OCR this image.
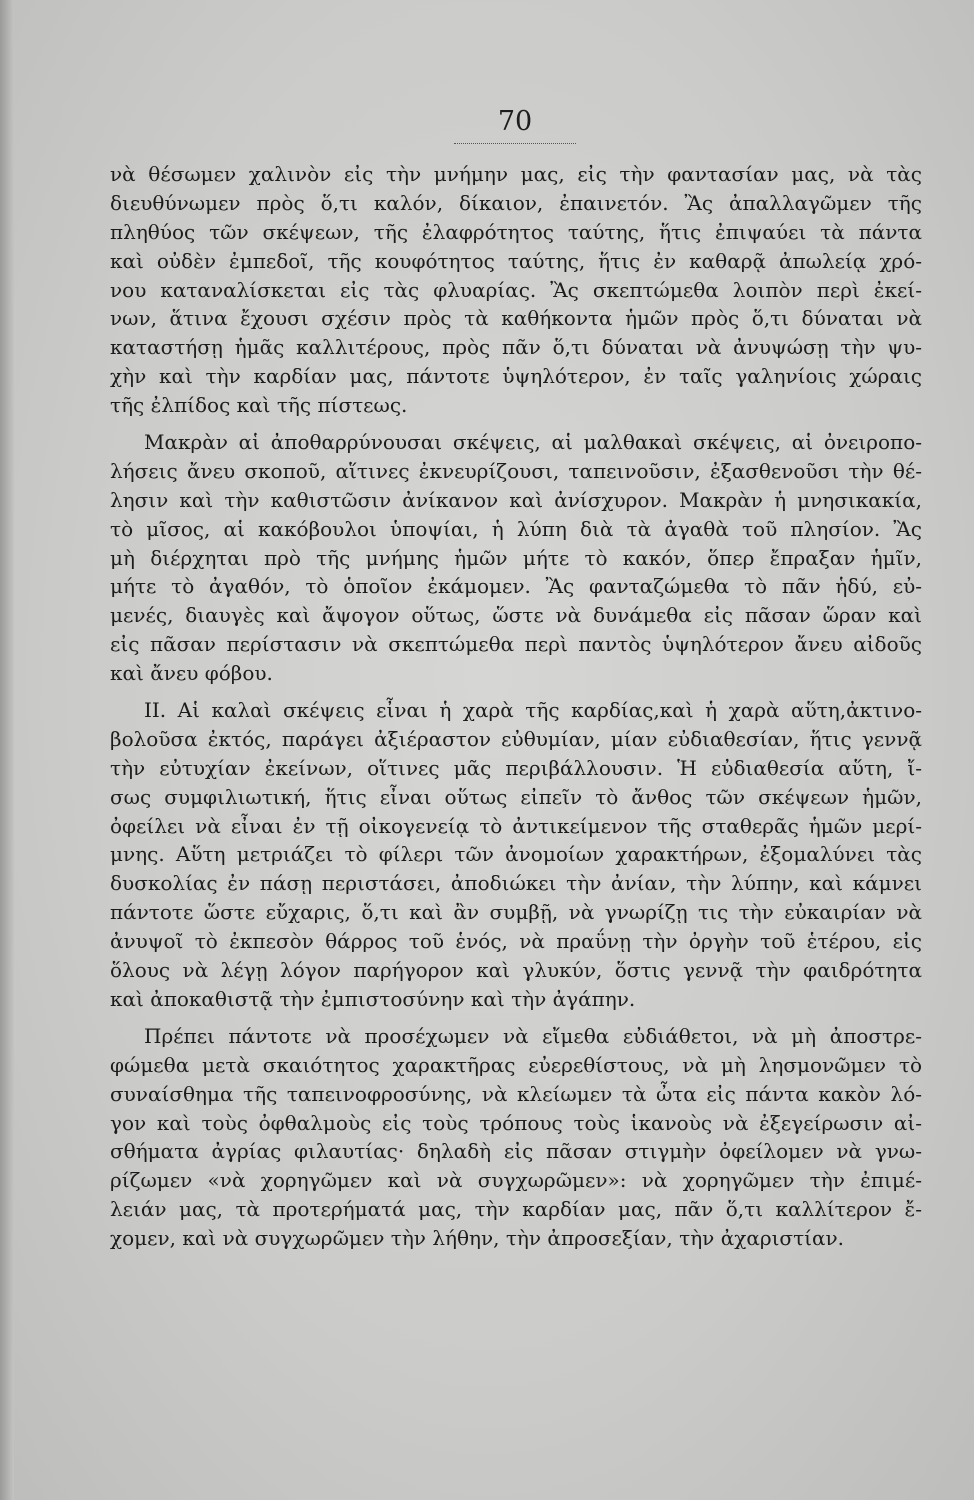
70
νὰ θέσωμεν χαλινὸν εἰς τὴν μνήμην μας, εἰς τὴν φαντασίαν μας, νὰ τὰς
διευθύνωμεν πρὸς ὅ,τι καλόν, δίκαιον, ἐπαινετόν. Ἂς ἀπαλλαγῶμεν τῆς
πληθύος τῶν σκέψεων, τῆς ἐλαφρότητος ταύτης, ἥτις ἐπιψαύει τὰ πάντα
καὶ οὐδὲν ἐμπεδοῖ, τῆς κουφότητος ταύτης, ἥτις ἐν καθαρᾷ ἀπωλείᾳ χρό-
νου καταναλίσκεται εἰς τὰς φλυαρίας. Ἂς σκεπτώμεθα λοιπὸν περὶ ἐκεί-
νων, ἅτινα ἔχουσι σχέσιν πρὸς τὰ καθήκοντα ἡμῶν πρὸς ὅ,τι δύναται νὰ
καταστήσῃ ἡμᾶς καλλιτέρους, πρὸς πᾶν ὅ,τι δύναται νὰ ἀνυψώσῃ τὴν ψυ-
χὴν καὶ τὴν καρδίαν μας, πάντοτε ὑψηλότερον, ἐν ταῖς γαληνίοις χώραις
τῆς ἐλπίδος καὶ τῆς πίστεως.
Μακρὰν αἱ ἀποθαρρύνουσαι σκέψεις, αἱ μαλθακαὶ σκέψεις, αἱ ὀνειροπο-
λήσεις ἄνευ σκοποῦ, αἵτινες ἐκνευρίζουσι, ταπεινοῦσιν, ἐξασθενοῦσι τὴν θέ-
λησιν καὶ τὴν καθιστῶσιν ἀνίκανον καὶ ἀνίσχυρον. Μακρὰν ἡ μνησικακία,
τὸ μῖσος, αἱ κακόβουλοι ὑποψίαι, ἡ λύπη διὰ τὰ ἀγαθὰ τοῦ πλησίον. Ἂς
μὴ διέρχηται πρὸ τῆς μνήμης ἡμῶν μήτε τὸ κακόν, ὅπερ ἔπραξαν ἡμῖν,
μήτε τὸ ἀγαθόν, τὸ ὁποῖον ἐκάμομεν. Ἂς φανταζώμεθα τὸ πᾶν ἡδύ, εὐ-
μενές, διαυγὲς καὶ ἄψογον οὕτως, ὥστε νὰ δυνάμεθα εἰς πᾶσαν ὥραν καὶ
εἰς πᾶσαν περίστασιν νὰ σκεπτώμεθα περὶ παντὸς ὑψηλότερον ἄνευ αἰδοῦς
καὶ ἄνευ φόβου.
II. Αἱ καλαὶ σκέψεις εἶναι ἡ χαρὰ τῆς καρδίας,καὶ ἡ χαρὰ αὕτη,ἀκτινο-
βολοῦσα ἐκτός, παράγει ἀξιέραστον εὐθυμίαν, μίαν εὐδιαθεσίαν, ἥτις γεννᾷ
τὴν εὐτυχίαν ἐκείνων, οἵτινες μᾶς περιβάλλουσιν. Ἡ εὐδιαθεσία αὕτη, ἴ-
σως συμφιλιωτική, ἥτις εἶναι οὕτως εἰπεῖν τὸ ἄνθος τῶν σκέψεων ἡμῶν,
ὀφείλει νὰ εἶναι ἐν τῇ οἰκογενείᾳ τὸ ἀντικείμενον τῆς σταθερᾶς ἡμῶν μερί-
μνης. Αὕτη μετριάζει τὸ φίλερι τῶν ἀνομοίων χαρακτήρων, ἐξομαλύνει τὰς
δυσκολίας ἐν πάσῃ περιστάσει, ἀποδιώκει τὴν ἀνίαν, τὴν λύπην, καὶ κάμνει
πάντοτε ὥστε εὔχαρις, ὅ,τι καὶ ἂν συμβῇ, νὰ γνωρίζῃ τις τὴν εὐκαιρίαν νὰ
ἀνυψοῖ τὸ ἐκπεσὸν θάρρος τοῦ ἑνός, νὰ πραΰνῃ τὴν ὀργὴν τοῦ ἑτέρου, εἰς
ὅλους νὰ λέγῃ λόγον παρήγορον καὶ γλυκύν, ὅστις γεννᾷ τὴν φαιδρότητα
καὶ ἀποκαθιστᾷ τὴν ἐμπιστοσύνην καὶ τὴν ἀγάπην.
Πρέπει πάντοτε νὰ προσέχωμεν νὰ εἴμεθα εὐδιάθετοι, νὰ μὴ ἀποστρε-
φώμεθα μετὰ σκαιότητος χαρακτῆρας εὐερεθίστους, νὰ μὴ λησμονῶμεν τὸ
συναίσθημα τῆς ταπεινοφροσύνης, νὰ κλείωμεν τὰ ὦτα εἰς πάντα κακὸν λό-
γον καὶ τοὺς ὀφθαλμοὺς εἰς τοὺς τρόπους τοὺς ἱκανοὺς νὰ ἐξεγείρωσιν αἰ-
σθήματα ἀγρίας φιλαυτίας· δηλαδὴ εἰς πᾶσαν στιγμὴν ὀφείλομεν νὰ γνω-
ρίζωμεν «νὰ χορηγῶμεν καὶ νὰ συγχωρῶμεν»: νὰ χορηγῶμεν τὴν ἐπιμέ-
λειάν μας, τὰ προτερήματά μας, τὴν καρδίαν μας, πᾶν ὅ,τι καλλίτερον ἔ-
χομεν, καὶ νὰ συγχωρῶμεν τὴν λήθην, τὴν ἀπροσεξίαν, τὴν ἀχαριστίαν.
